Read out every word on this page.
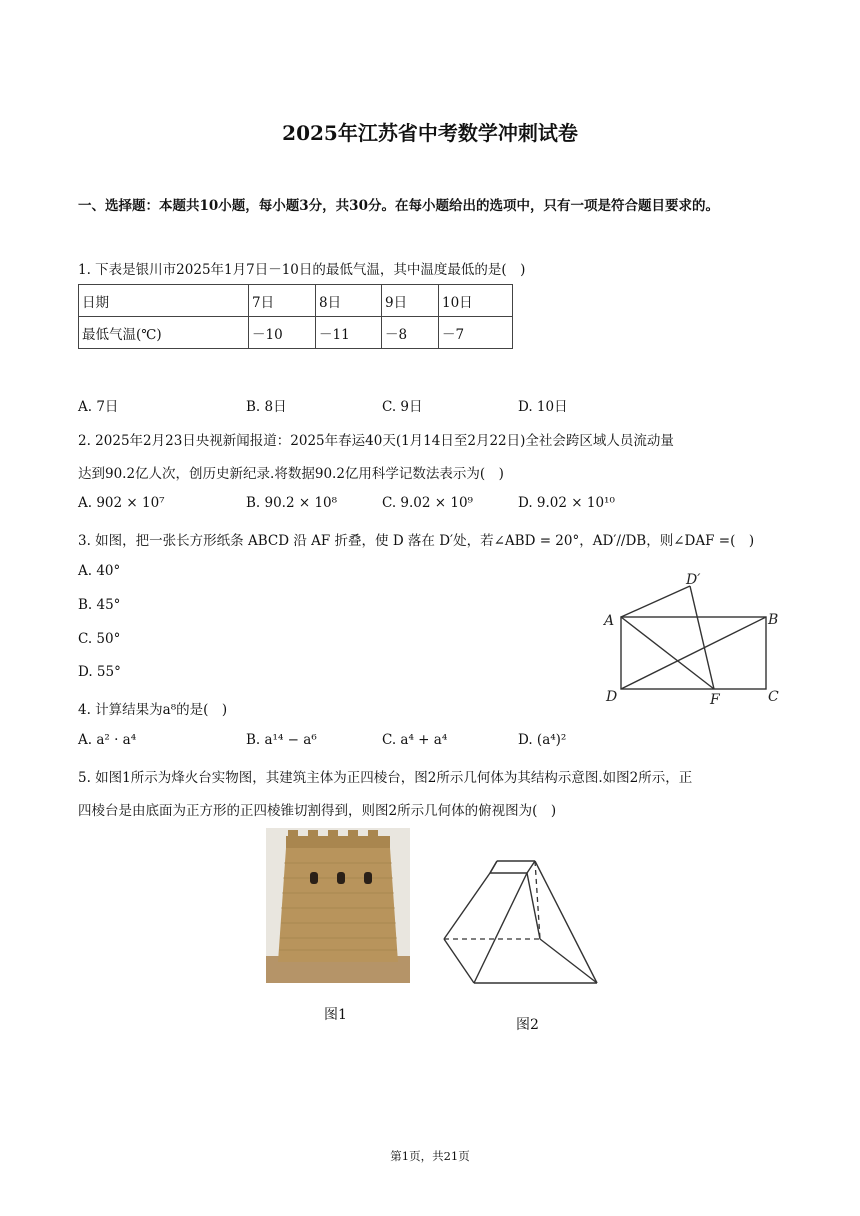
2025年江苏省中考数学冲刺试卷
一、选择题：本题共10小题，每小题3分，共30分。在每小题给出的选项中，只有一项是符合题目要求的。
1. 下表是银川市2025年1月7日－10日的最低气温，其中温度最低的是(　)
日期	7日	8日	9日	10日
最低气温(℃)	－10	－11	－8	－7
A. 7日	B. 8日	C. 9日	D. 10日
2. 2025年2月23日央视新闻报道：2025年春运40天(1月14日至2月22日)全社会跨区域人员流动量
达到90.2亿人次，创历史新纪录.将数据90.2亿用科学记数法表示为(　)
A. 902 × 10⁷	B. 90.2 × 10⁸	C. 9.02 × 10⁹	D. 9.02 × 10¹⁰
3. 如图，把一张长方形纸条 ABCD 沿 AF 折叠，使 D 落在 D′处，若∠ABD = 20°，AD′//DB，则∠DAF =(　)
A. 40°
B. 45°
C. 50°
D. 55°
D′
A	B
D	F	C
4. 计算结果为a⁸的是(　)
A. a² · a⁴	B. a¹⁴ − a⁶	C. a⁴ + a⁴	D. (a⁴)²
5. 如图1所示为烽火台实物图，其建筑主体为正四棱台，图2所示几何体为其结构示意图.如图2所示，正
四棱台是由底面为正方形的正四棱锥切割得到，则图2所示几何体的俯视图为(　)
图1
图2
第1页，共21页
